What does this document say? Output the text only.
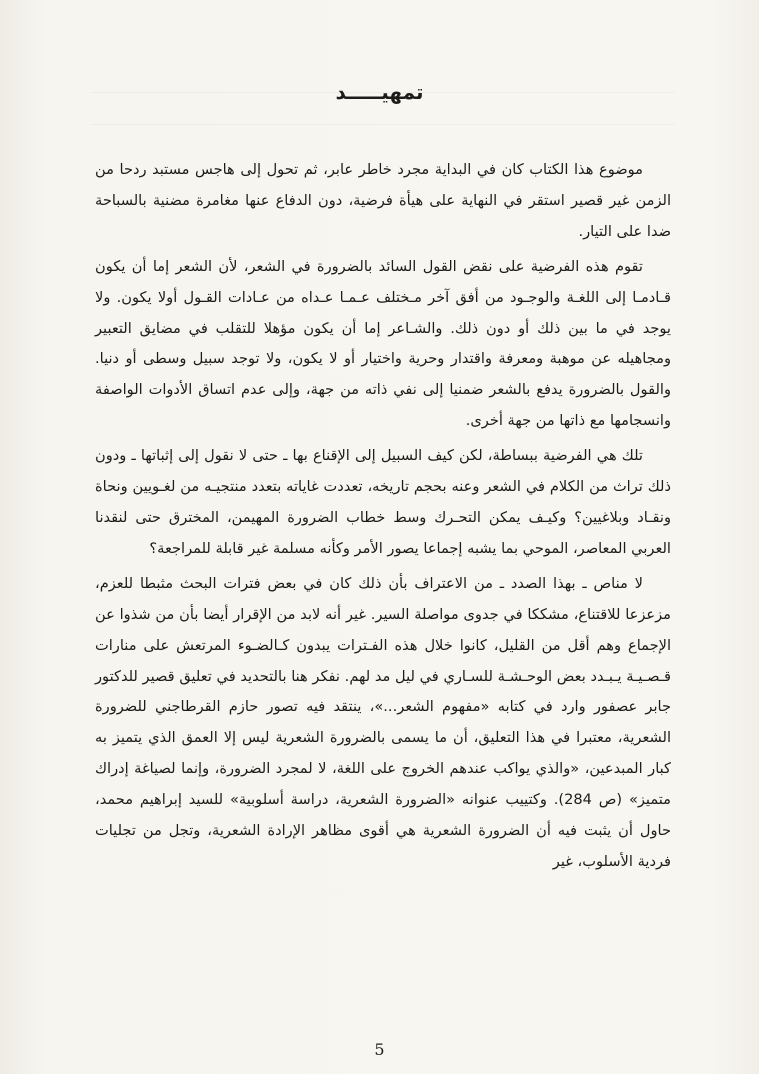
تمهيـــــد

موضوع هذا الكتاب كان في البداية مجرد خاطر عابر، ثم تحول إلى هاجس مستبد ردحا من الزمن غير قصير استقر في النهاية على هيأة فرضية، دون الدفاع عنها مغامرة مضنية بالسباحة ضدا على التيار.

تقوم هذه الفرضية على نقض القول السائد بالضرورة في الشعر، لأن الشعر إما أن يكون قـادمـا إلى اللغـة والوجـود من أفق آخر مـختلف عـمـا عـداه من عـادات القـول أولا يكون. ولا يوجد في ما بين ذلك أو دون ذلك. والشـاعر إما أن يكون مؤهلا للتقلب في مضايق التعبير ومجاهيله عن موهبة ومعرفة واقتدار وحرية واختيار أو لا يكون، ولا توجد سبيل وسطى أو دنيا. والقول بالضرورة يدفع بالشعر ضمنيا إلى نفي ذاته من جهة، وإلى عدم اتساق الأدوات الواصفة وانسجامها مع ذاتها من جهة أخرى.

تلك هي الفرضية ببساطة، لكن كيف السبيل إلى الإقناع بها ـ حتى لا نقول إلى إثباتها ـ ودون ذلك تراث من الكلام في الشعر وعنه بحجم تاريخه، تعددت غاياته بتعدد منتجيـه من لغـويين ونحاة ونقـاد وبلاغيين؟ وكيـف يمكن التحـرك وسط خطاب الضرورة المهيمن، المخترق حتى لنقدنا العربي المعاصر، الموحي بما يشبه إجماعا يصور الأمر وكأنه مسلمة غير قابلة للمراجعة؟

لا مناص ـ بهذا الصدد ـ من الاعتراف بأن ذلك كان في بعض فترات البحث مثبطا للعزم، مزعزعا للاقتناع، مشككا في جدوى مواصلة السير. غير أنه لابد من الإقرار أيضا بأن من شذوا عن الإجماع وهم أقل من القليل، كانوا خلال هذه الفـترات يبدون كـالضـوء المرتعش على منارات قـصـيـة يـبـدد بعض الوحـشـة للسـاري في ليل مد لهم. نفكر هنا بالتحديد في تعليق قصير للدكتور جابر عصفور وارد في كتابه «مفهوم الشعر...»، ينتقد فيه تصور حازم القرطاجني للضرورة الشعرية، معتبرا في هذا التعليق، أن ما يسمى بالضرورة الشعرية ليس إلا العمق الذي يتميز به كبار المبدعين، «والذي يواكب عندهم الخروج على اللغة، لا لمجرد الضرورة، وإنما لصياغة إدراك متميز» (ص 284). وكتييب عنوانه «الضرورة الشعرية، دراسة أسلوبية» للسيد إبراهيم محمد، حاول أن يثبت فيه أن الضرورة الشعرية هي أقوى مظاهر الإرادة الشعرية، وتجل من تجليات فردية الأسلوب، غير

5
